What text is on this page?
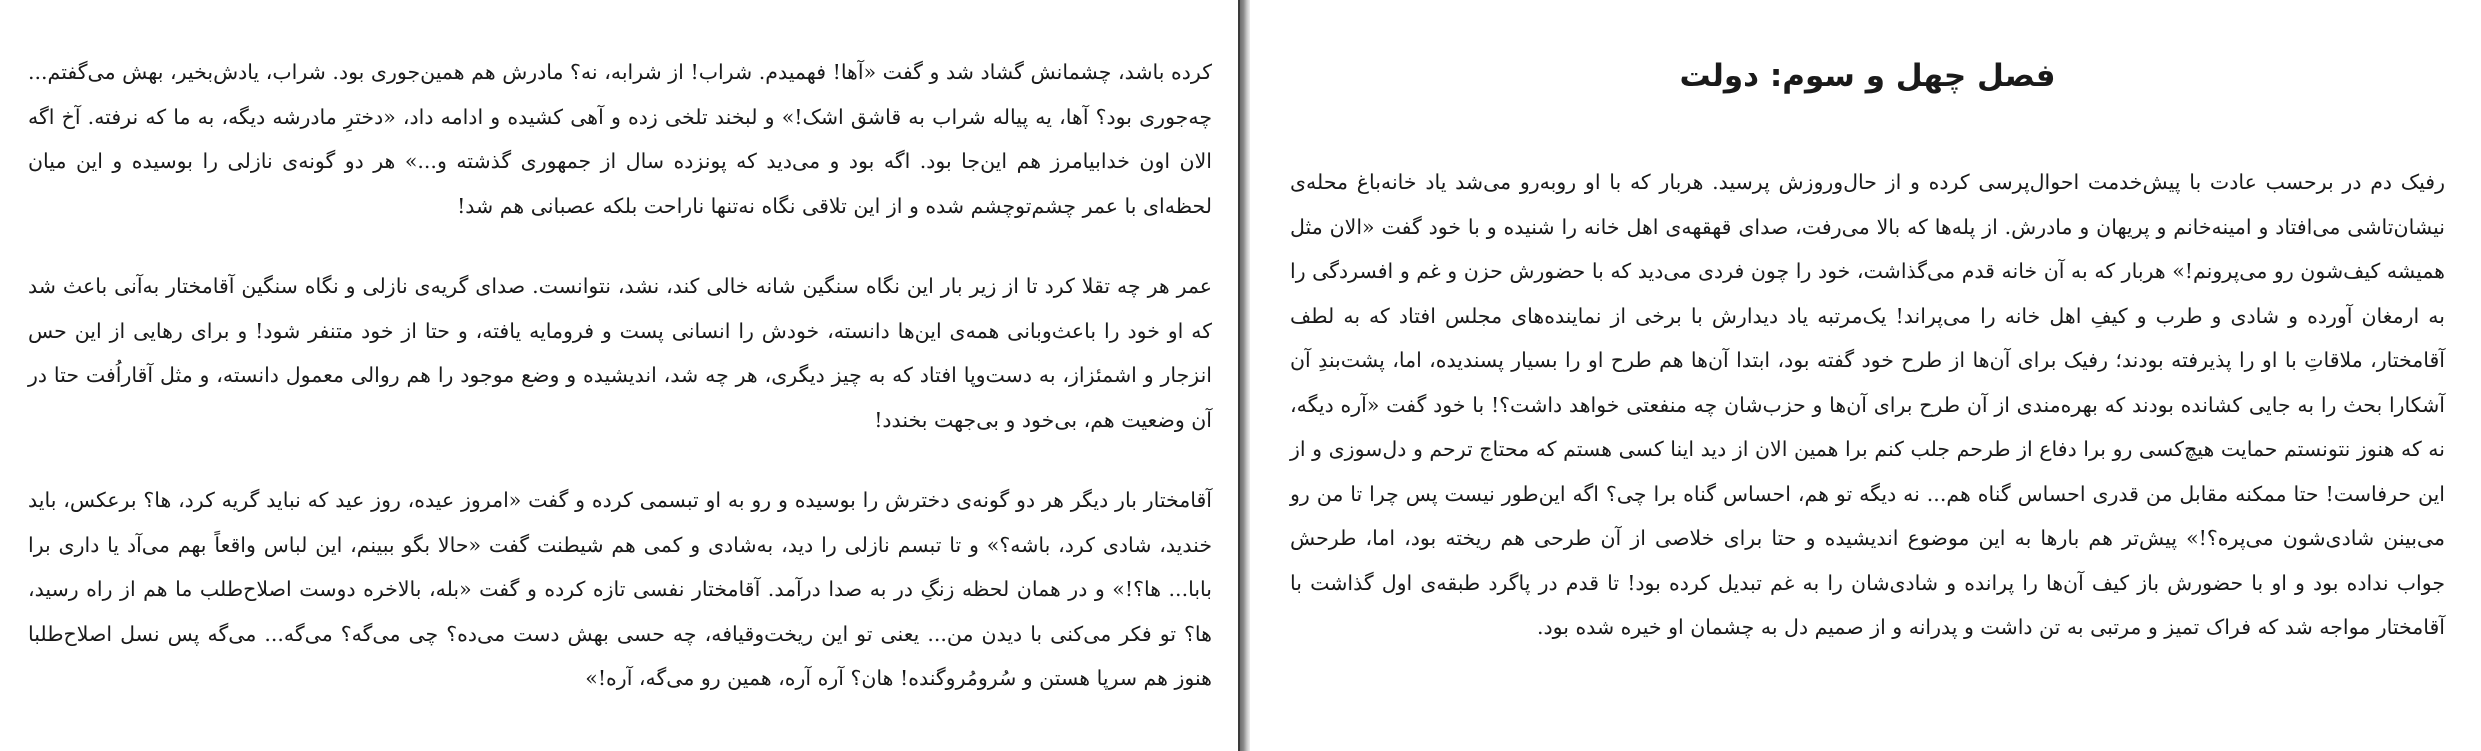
کرده باشد، چشمانش گشاد شد و گفت «آها! فهمیدم. شراب! از شرابه، نه؟ مادرش هم همین‌جوری بود. شراب، یادش‌بخیر، بهش می‌گفتم... چه‌جوری بود؟ آها، یه پیاله شراب به قاشق اشک!» و لبخند تلخی زده و آهی کشیده و ادامه داد، «دخترِ مادرشه دیگه، به ما که نرفته. آخ اگه الان اون خدابیامرز هم این‌جا بود. اگه بود و می‌دید که پونزده سال از جمهوری گذشته و...» هر دو گونه‌ی نازلی را بوسیده و این میان لحظه‌ای با عمر چشم‌توچشم شده و از این تلاقی نگاه نه‌تنها ناراحت بلکه عصبانی هم شد!

عمر هر چه تقلا کرد تا از زیر بار این نگاه سنگین شانه خالی کند، نشد، نتوانست. صدای گریه‌ی نازلی و نگاه سنگین آقامختار به‌آنی باعث شد که او خود را باعث‌وبانی همه‌ی این‌ها دانسته، خودش را انسانی پست و فرومایه یافته، و حتا از خود متنفر شود! و برای رهایی از این حس انزجار و اشمئزاز، به دست‌وپا افتاد که به چیز دیگری، هر چه شد، اندیشیده و وضع موجود را هم روالی معمول دانسته، و مثل آقاراُفت حتا در آن وضعیت هم، بی‌خود و بی‌جهت بخندد!

آقامختار بار دیگر هر دو گونه‌ی دخترش را بوسیده و رو به او تبسمی کرده و گفت «امروز عیده، روز عید که نباید گریه کرد، ها؟ برعکس، باید خندید، شادی کرد، باشه؟» و تا تبسم نازلی را دید، به‌شادی و کمی هم شیطنت گفت «حالا بگو ببینم، این لباس واقعاً بهم می‌آد یا داری برا بابا... ها؟!» و در همان لحظه زنگِ در به صدا درآمد. آقامختار نفسی تازه کرده و گفت «بله، بالاخره دوست اصلاح‌طلب ما هم از راه رسید، ها؟ تو فکر می‌کنی با دیدن من... یعنی تو این ریخت‌وقیافه، چه حسی بهش دست می‌ده؟ چی می‌گه؟ می‌گه... می‌گه پس نسل اصلاح‌طلبا هنوز هم سرپا هستن و سُرومُروگنده! هان؟ آره آره، همین رو می‌گه، آره!»

فصل چهل و سوم: دولت

رفیک دم در برحسب عادت با پیش‌خدمت احوال‌پرسی کرده و از حال‌وروزش پرسید. هربار که با او روبه‌رو می‌شد یاد خانه‌باغ محله‌ی نیشان‌تاشی می‌افتاد و امینه‌خانم و پریهان و مادرش. از پله‌ها که بالا می‌رفت، صدای قهقهه‌ی اهل خانه را شنیده و با خود گفت «الان مثل همیشه کیف‌شون رو می‌پرونم!» هربار که به آن خانه قدم می‌گذاشت، خود را چون فردی می‌دید که با حضورش حزن و غم و افسردگی را به ارمغان آورده و شادی و طرب و کیفِ اهل خانه را می‌پراند! یک‌مرتبه یاد دیدارش با برخی از نماینده‌های مجلس افتاد که به لطف آقامختار، ملاقاتِ با او را پذیرفته بودند؛ رفیک برای آن‌ها از طرح خود گفته بود، ابتدا آن‌ها هم طرح او را بسیار پسندیده، اما، پشت‌بندِ آن آشکارا بحث را به جایی کشانده بودند که بهره‌مندی از آن طرح برای آن‌ها و حزب‌شان چه منفعتی خواهد داشت؟! با خود گفت «آره دیگه، نه که هنوز نتونستم حمایت هیچ‌کسی رو برا دفاع از طرحم جلب کنم برا همین الان از دید اینا کسی هستم که محتاج ترحم و دل‌سوزی و از این حرفاست! حتا ممکنه مقابل من قدری احساس گناه هم... نه دیگه تو هم، احساس گناه برا چی؟ اگه این‌طور نیست پس چرا تا من رو می‌بینن شادی‌شون می‌پره؟!» پیش‌تر هم بارها به این موضوع اندیشیده و حتا برای خلاصی از آن طرحی هم ریخته بود، اما، طرحش جواب نداده بود و او با حضورش باز کیف آن‌ها را پرانده و شادی‌شان را به غم تبدیل کرده بود! تا قدم در پاگرد طبقه‌ی اول گذاشت با آقامختار مواجه شد که فراک تمیز و مرتبی به تن داشت و پدرانه و از صمیم دل به چشمان او خیره شده بود.
